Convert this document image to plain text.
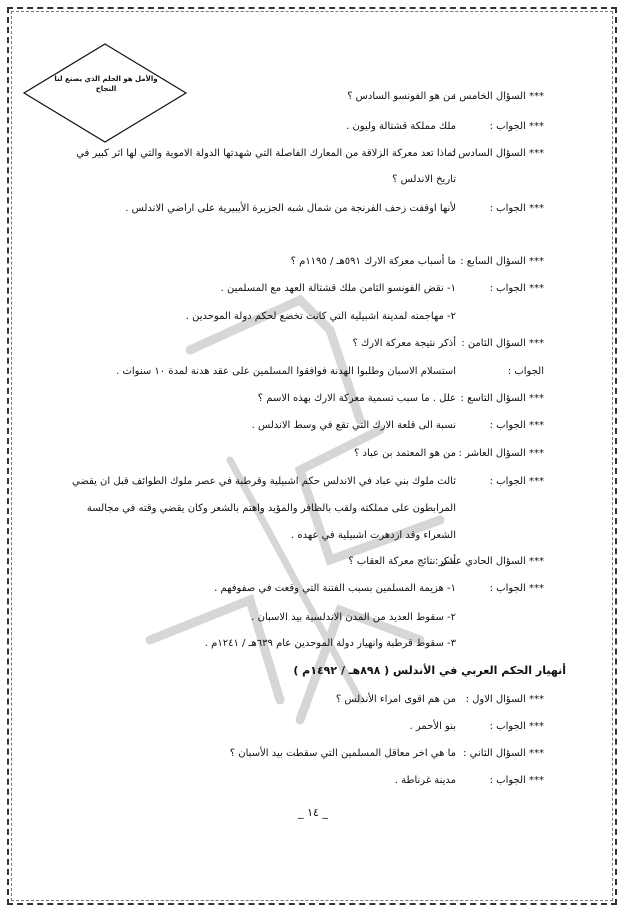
والأمل هو الحلم الذي يصنع لنا النجاح
*** السؤال الخامس :من هو الفونسو السادس ؟
*** الجواب :ملك مملكة قشتالة وليون .
*** السؤال السادس :لماذا تعد معركة الزلاقة من المعارك الفاصلة التي شهدتها الدولة الاموية والتي لها اثر كبير في
تاريخ الاندلس ؟
*** الجواب :لأنها اوقفت زحف الفرنجة من شمال شبه الجزيرة الأيبيرية على اراضي الاندلس .
*** السؤال السابع :ما أسباب معركة الارك ٥٩١هـ / ١١٩٥م ؟
*** الجواب :١- نقض الفونسو الثامن ملك قشتالة العهد مع المسلمين .
٢- مهاجمته لمدينة اشبيلية التي كانت تخضع لحكم دولة الموحدين .
*** السؤال الثامن :أذكر نتيجة معركة الارك ؟
الجواب :استسلام الاسبان وطلبوا الهدنة فوافقوا المسلمين على عقد هدنة لمدة ١٠ سنوات .
*** السؤال التاسع :علل . ما سبب تسمية معركة الارك بهذه الاسم ؟
*** الجواب :نسبة الى قلعة الارك التي تقع في وسط الاندلس .
*** السؤال العاشر :من هو المعتمد بن عباد ؟
*** الجواب :ثالث ملوك بني عباد في الاندلس حكم اشبيلية وقرطبة في عصر ملوك الطوائف قبل ان يقضي
المرابطون على مملكته ولقب بالظافر والمؤيد واهتم بالشعر وكان يقضي وقته في مجالسة
الشعراء وقد ازدهرت اشبيلية في عهده .
*** السؤال الحادي عشر :أذكر نتائج معركة العقاب ؟
*** الجواب :١- هزيمة المسلمين بسبب الفتنة التي وقعت في صفوفهم .
٢- سقوط العديد من المدن الاندلسية بيد الاسبان .
٣- سقوط قرطبة وانهيار دولة الموحدين عام ٦٣٩هـ / ١٢٤١م .
أنهيار الحكم العربي في الأندلس ( ٨٩٨هـ / ١٤٩٢م )
*** السؤال الاول :من هم اقوى امراء الأندلس ؟
*** الجواب :بنو الأحمر .
*** السؤال الثاني :ما هي اخر معاقل المسلمين التي سقطت بيد الأسبان ؟
*** الجواب :مدينة غرناطة .
_ ١٤ _
